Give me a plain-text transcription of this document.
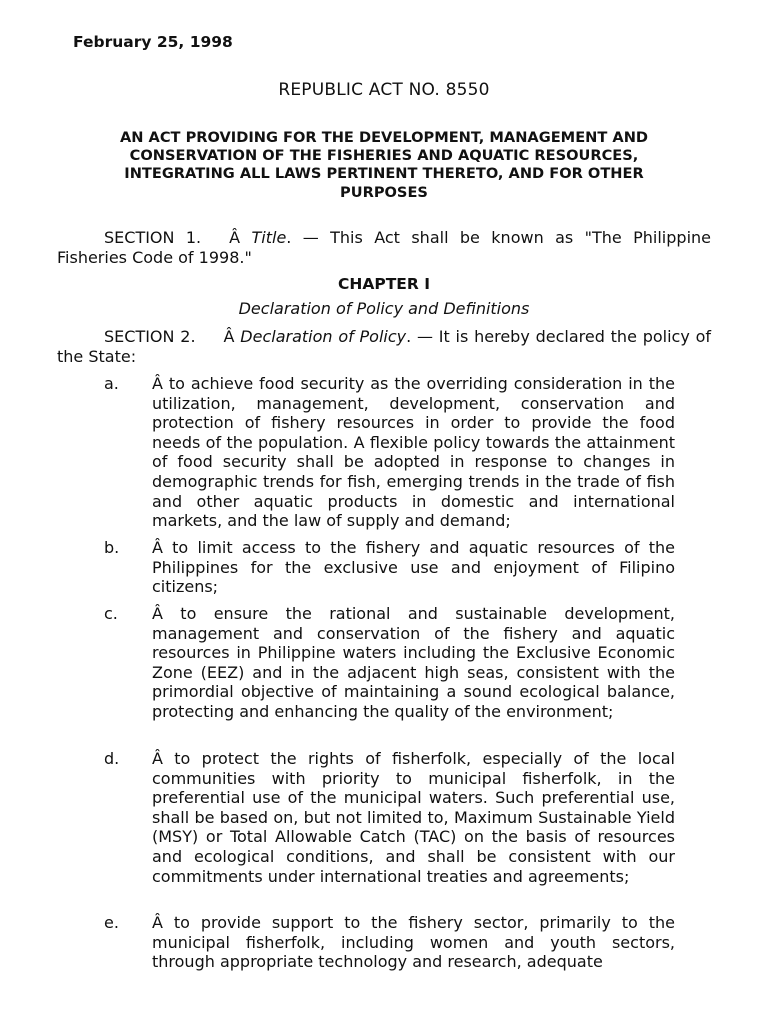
February 25, 1998
REPUBLIC ACT NO. 8550
AN ACT PROVIDING FOR THE DEVELOPMENT, MANAGEMENT AND CONSERVATION OF THE FISHERIES AND AQUATIC RESOURCES, INTEGRATING ALL LAWS PERTINENT THERETO, AND FOR OTHER PURPOSES
SECTION 1. Â Title. — This Act shall be known as "The Philippine Fisheries Code of 1998."
CHAPTER I
Declaration of Policy and Definitions
SECTION 2. Â Declaration of Policy. — It is hereby declared the policy of the State:
a.	Â to achieve food security as the overriding consideration in the utilization, management, development, conservation and protection of fishery resources in order to provide the food needs of the population. A flexible policy towards the attainment of food security shall be adopted in response to changes in demographic trends for fish, emerging trends in the trade of fish and other aquatic products in domestic and international markets, and the law of supply and demand;
b.	Â to limit access to the fishery and aquatic resources of the Philippines for the exclusive use and enjoyment of Filipino citizens;
c.	Â to ensure the rational and sustainable development, management and conservation of the fishery and aquatic resources in Philippine waters including the Exclusive Economic Zone (EEZ) and in the adjacent high seas, consistent with the primordial objective of maintaining a sound ecological balance, protecting and enhancing the quality of the environment;
d.	Â to protect the rights of fisherfolk, especially of the local communities with priority to municipal fisherfolk, in the preferential use of the municipal waters. Such preferential use, shall be based on, but not limited to, Maximum Sustainable Yield (MSY) or Total Allowable Catch (TAC) on the basis of resources and ecological conditions, and shall be consistent with our commitments under international treaties and agreements;
e.	Â to provide support to the fishery sector, primarily to the municipal fisherfolk, including women and youth sectors, through appropriate technology and research, adequate
